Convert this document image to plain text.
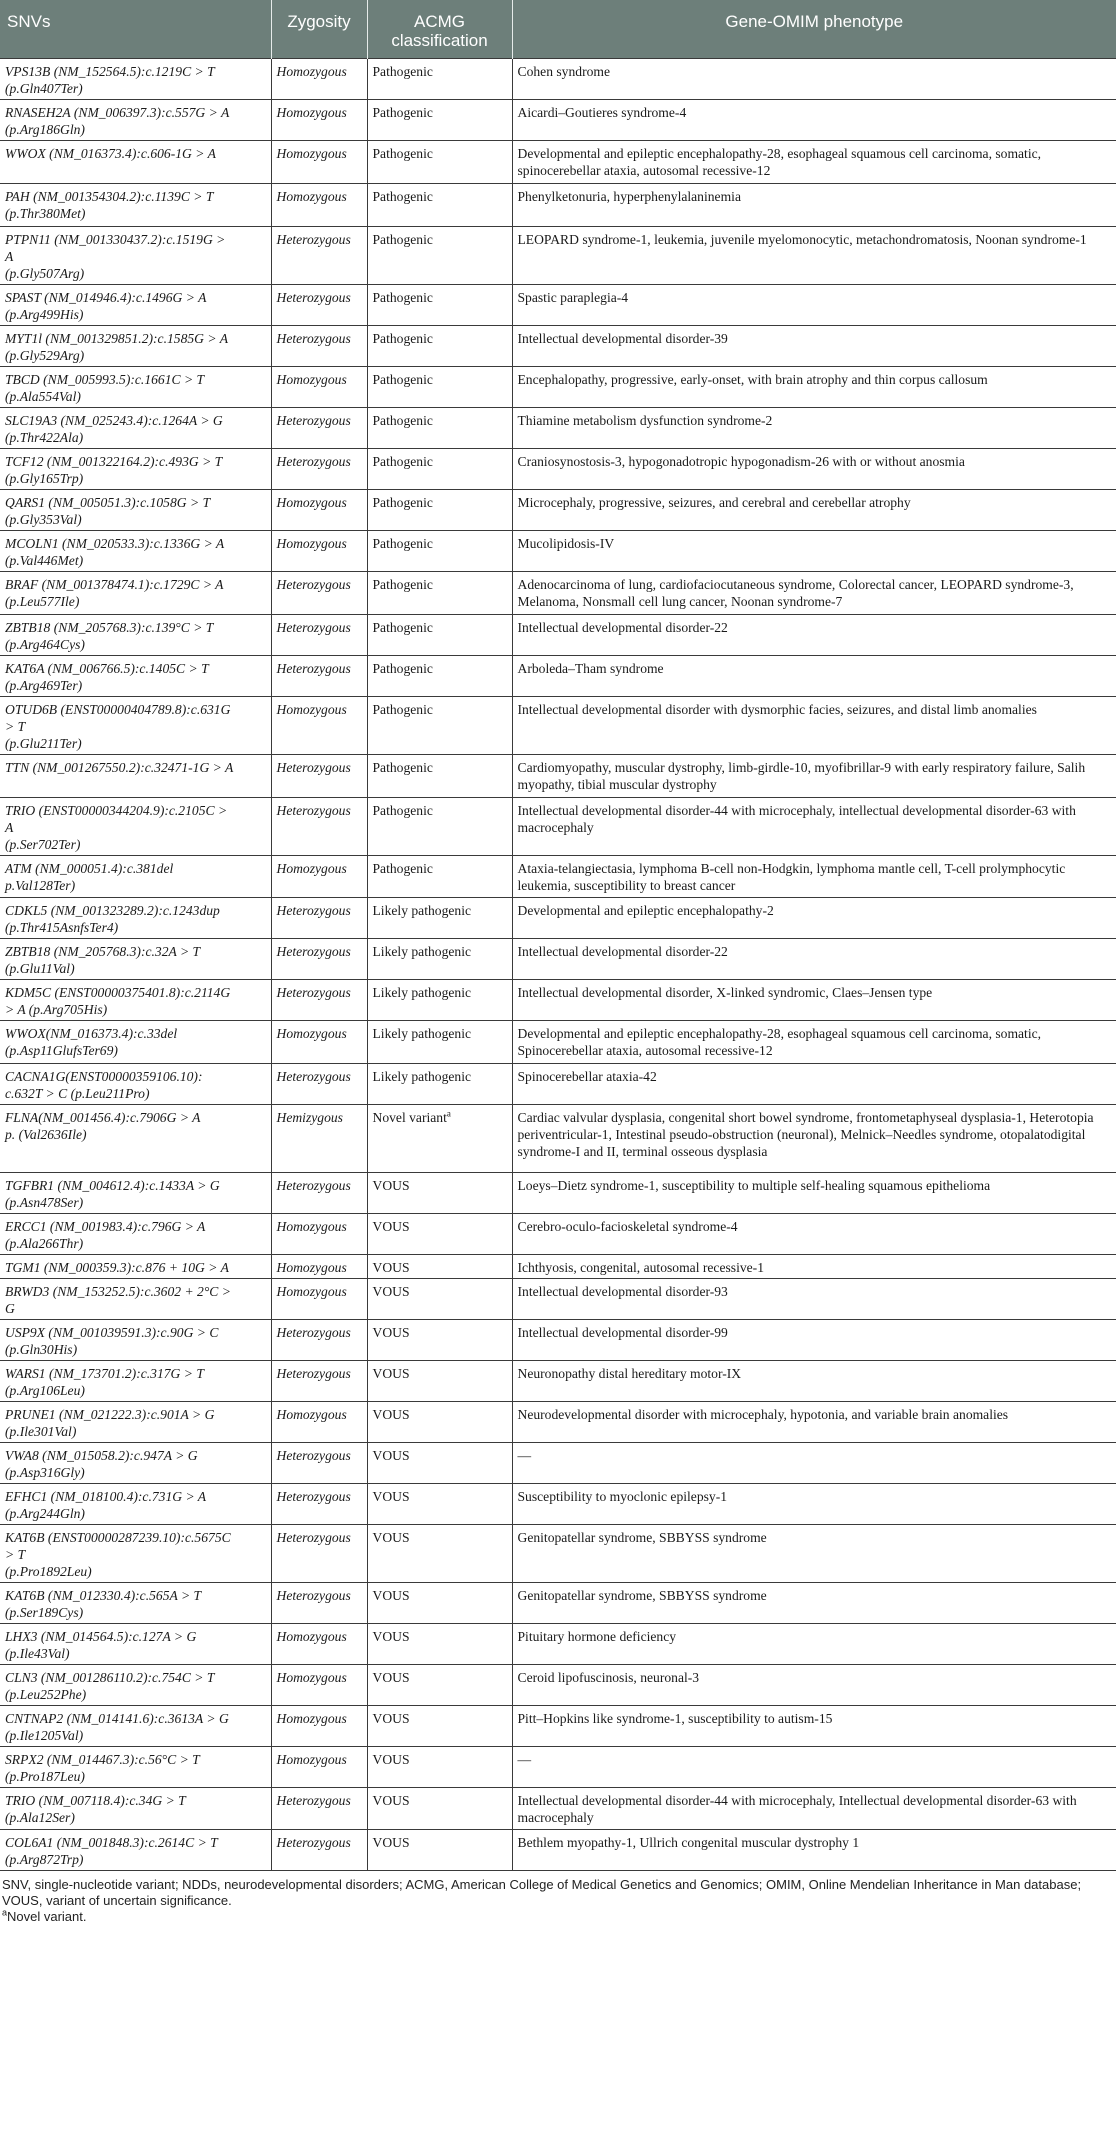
SNVs	Zygosity	ACMG classification	Gene-OMIM phenotype

VPS13B (NM_152564.5):c.1219C > T
(p.Gln407Ter)	Homozygous	Pathogenic	Cohen syndrome

RNASEH2A (NM_006397.3):c.557G > A
(p.Arg186Gln)	Homozygous	Pathogenic	Aicardi–Goutieres syndrome-4

WWOX (NM_016373.4):c.606-1G > A	Homozygous	Pathogenic	Developmental and epileptic encephalopathy-28, esophageal squamous cell carcinoma, somatic, spinocerebellar ataxia, autosomal recessive-12

PAH (NM_001354304.2):c.1139C > T
(p.Thr380Met)	Homozygous	Pathogenic	Phenylketonuria, hyperphenylalaninemia

PTPN11 (NM_001330437.2):c.1519G >
A
(p.Gly507Arg)	Heterozygous	Pathogenic	LEOPARD syndrome-1, leukemia, juvenile myelomonocytic, metachondromatosis, Noonan syndrome-1

SPAST (NM_014946.4):c.1496G > A
(p.Arg499His)	Heterozygous	Pathogenic	Spastic paraplegia-4

MYT1l (NM_001329851.2):c.1585G > A
(p.Gly529Arg)	Heterozygous	Pathogenic	Intellectual developmental disorder-39

TBCD (NM_005993.5):c.1661C > T
(p.Ala554Val)	Homozygous	Pathogenic	Encephalopathy, progressive, early-onset, with brain atrophy and thin corpus callosum

SLC19A3 (NM_025243.4):c.1264A > G
(p.Thr422Ala)	Heterozygous	Pathogenic	Thiamine metabolism dysfunction syndrome-2

TCF12 (NM_001322164.2):c.493G > T
(p.Gly165Trp)	Heterozygous	Pathogenic	Craniosynostosis-3, hypogonadotropic hypogonadism-26 with or without anosmia

QARS1 (NM_005051.3):c.1058G > T
(p.Gly353Val)	Homozygous	Pathogenic	Microcephaly, progressive, seizures, and cerebral and cerebellar atrophy

MCOLN1 (NM_020533.3):c.1336G > A
(p.Val446Met)	Homozygous	Pathogenic	Mucolipidosis-IV

BRAF (NM_001378474.1):c.1729C > A
(p.Leu577Ile)	Heterozygous	Pathogenic	Adenocarcinoma of lung, cardiofaciocutaneous syndrome, Colorectal cancer, LEOPARD syndrome-3, Melanoma, Nonsmall cell lung cancer, Noonan syndrome-7

ZBTB18 (NM_205768.3):c.139°C > T
(p.Arg464Cys)	Heterozygous	Pathogenic	Intellectual developmental disorder-22

KAT6A (NM_006766.5):c.1405C > T
(p.Arg469Ter)	Heterozygous	Pathogenic	Arboleda–Tham syndrome

OTUD6B (ENST00000404789.8):c.631G
> T
(p.Glu211Ter)	Homozygous	Pathogenic	Intellectual developmental disorder with dysmorphic facies, seizures, and distal limb anomalies

TTN (NM_001267550.2):c.32471-1G > A	Heterozygous	Pathogenic	Cardiomyopathy, muscular dystrophy, limb-girdle-10, myofibrillar-9 with early respiratory failure, Salih myopathy, tibial muscular dystrophy

TRIO (ENST00000344204.9):c.2105C >
A
(p.Ser702Ter)	Heterozygous	Pathogenic	Intellectual developmental disorder-44 with microcephaly, intellectual developmental disorder-63 with macrocephaly

ATM (NM_000051.4):c.381del
p.Val128Ter)	Homozygous	Pathogenic	Ataxia-telangiectasia, lymphoma B-cell non-Hodgkin, lymphoma mantle cell, T-cell prolymphocytic leukemia, susceptibility to breast cancer

CDKL5 (NM_001323289.2):c.1243dup
(p.Thr415AsnfsTer4)	Heterozygous	Likely pathogenic	Developmental and epileptic encephalopathy-2

ZBTB18 (NM_205768.3):c.32A > T
(p.Glu11Val)	Heterozygous	Likely pathogenic	Intellectual developmental disorder-22

KDM5C (ENST00000375401.8):c.2114G
> A (p.Arg705His)	Heterozygous	Likely pathogenic	Intellectual developmental disorder, X-linked syndromic, Claes–Jensen type

WWOX(NM_016373.4):c.33del
(p.Asp11GlufsTer69)	Homozygous	Likely pathogenic	Developmental and epileptic encephalopathy-28, esophageal squamous cell carcinoma, somatic, Spinocerebellar ataxia, autosomal recessive-12

CACNA1G(ENST00000359106.10):
c.632T > C (p.Leu211Pro)	Heterozygous	Likely pathogenic	Spinocerebellar ataxia-42

FLNA(NM_001456.4):c.7906G > A
p. (Val2636Ile)	Hemizygous	Novel variant$^a$	Cardiac valvular dysplasia, congenital short bowel syndrome, frontometaphyseal dysplasia-1, Heterotopia periventricular-1, Intestinal pseudo-obstruction (neuronal), Melnick–Needles syndrome, otopalatodigital syndrome-I and II, terminal osseous dysplasia

TGFBR1 (NM_004612.4):c.1433A > G
(p.Asn478Ser)	Heterozygous	VOUS	Loeys–Dietz syndrome-1, susceptibility to multiple self-healing squamous epithelioma

ERCC1 (NM_001983.4):c.796G > A
(p.Ala266Thr)	Homozygous	VOUS	Cerebro-oculo-facioskeletal syndrome-4

TGM1 (NM_000359.3):c.876 + 10G > A	Homozygous	VOUS	Ichthyosis, congenital, autosomal recessive-1

BRWD3 (NM_153252.5):c.3602 + 2°C >
G	Homozygous	VOUS	Intellectual developmental disorder-93

USP9X (NM_001039591.3):c.90G > C
(p.Gln30His)	Heterozygous	VOUS	Intellectual developmental disorder-99

WARS1 (NM_173701.2):c.317G > T
(p.Arg106Leu)	Heterozygous	VOUS	Neuronopathy distal hereditary motor-IX

PRUNE1 (NM_021222.3):c.901A > G
(p.Ile301Val)	Homozygous	VOUS	Neurodevelopmental disorder with microcephaly, hypotonia, and variable brain anomalies

VWA8 (NM_015058.2):c.947A > G
(p.Asp316Gly)	Heterozygous	VOUS	—

EFHC1 (NM_018100.4):c.731G > A
(p.Arg244Gln)	Heterozygous	VOUS	Susceptibility to myoclonic epilepsy-1

KAT6B (ENST00000287239.10):c.5675C
> T
(p.Pro1892Leu)	Heterozygous	VOUS	Genitopatellar syndrome, SBBYSS syndrome

KAT6B (NM_012330.4):c.565A > T
(p.Ser189Cys)	Heterozygous	VOUS	Genitopatellar syndrome, SBBYSS syndrome

LHX3 (NM_014564.5):c.127A > G
(p.Ile43Val)	Homozygous	VOUS	Pituitary hormone deficiency

CLN3 (NM_001286110.2):c.754C > T
(p.Leu252Phe)	Homozygous	VOUS	Ceroid lipofuscinosis, neuronal-3

CNTNAP2 (NM_014141.6):c.3613A > G
(p.Ile1205Val)	Homozygous	VOUS	Pitt–Hopkins like syndrome-1, susceptibility to autism-15

SRPX2 (NM_014467.3):c.56°C > T
(p.Pro187Leu)	Homozygous	VOUS	—

TRIO (NM_007118.4):c.34G > T
(p.Ala12Ser)	Heterozygous	VOUS	Intellectual developmental disorder-44 with microcephaly, Intellectual developmental disorder-63 with macrocephaly

COL6A1 (NM_001848.3):c.2614C > T
(p.Arg872Trp)	Heterozygous	VOUS	Bethlem myopathy-1, Ullrich congenital muscular dystrophy 1

SNV, single-nucleotide variant; NDDs, neurodevelopmental disorders; ACMG, American College of Medical Genetics and Genomics; OMIM, Online Mendelian Inheritance in Man database; VOUS, variant of uncertain significance.

$^a$Novel variant.
